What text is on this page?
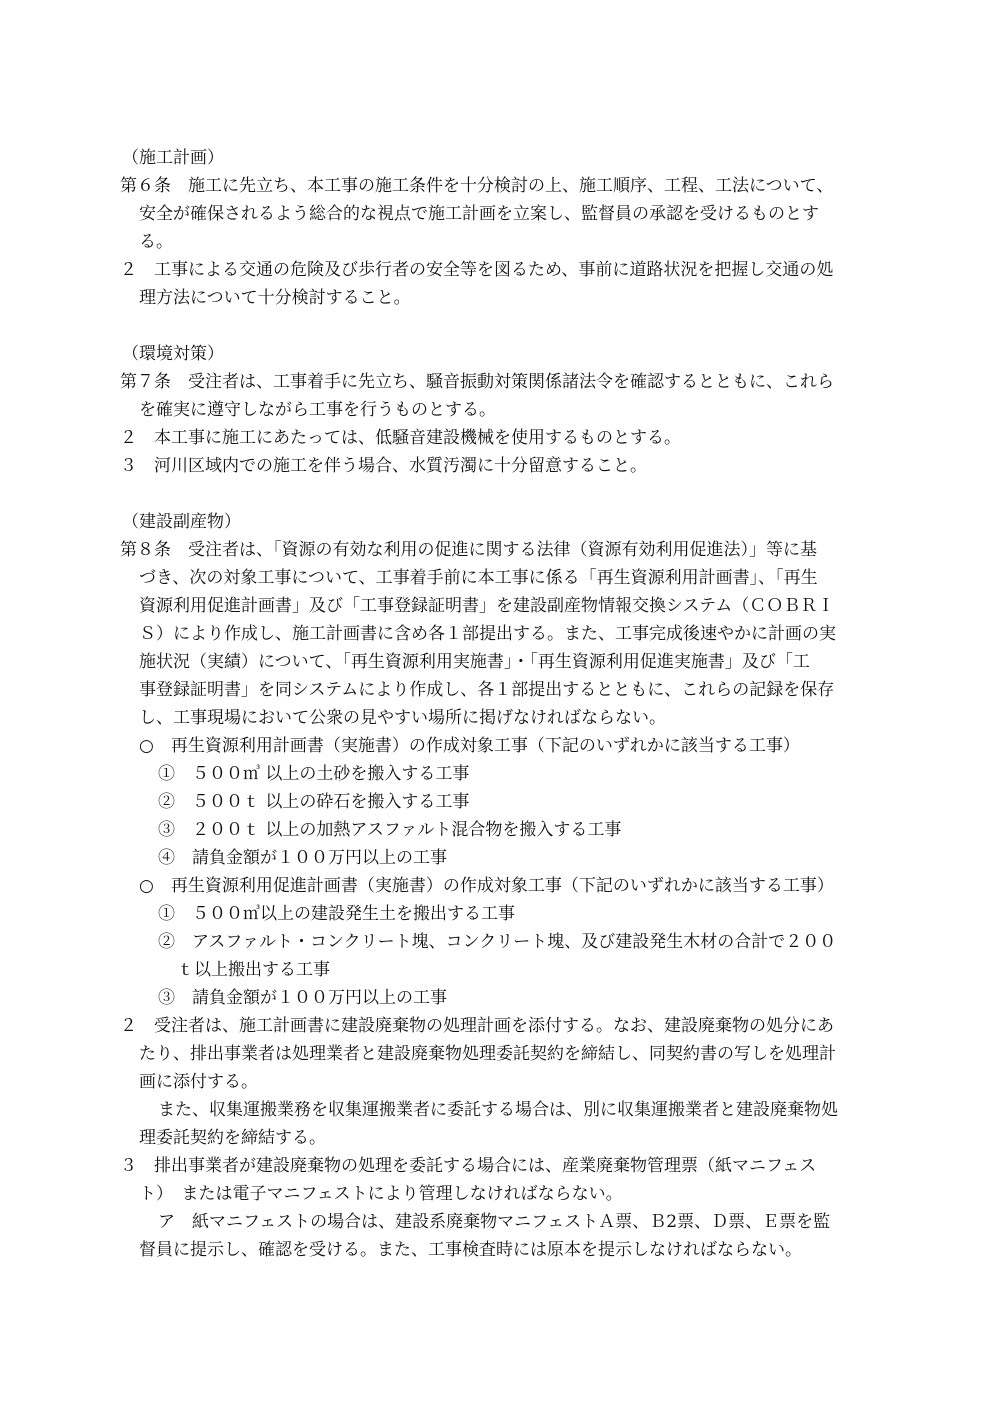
（施工計画）
第６条　施工に先立ち、本工事の施工条件を十分検討の上、施工順序、工程、工法について、
安全が確保されるよう総合的な視点で施工計画を立案し、監督員の承認を受けるものとす
る。
２　工事による交通の危険及び歩行者の安全等を図るため、事前に道路状況を把握し交通の処
理方法について十分検討すること。
（環境対策）
第７条　受注者は、工事着手に先立ち、騒音振動対策関係諸法令を確認するとともに、これら
を確実に遵守しながら工事を行うものとする。
２　本工事に施工にあたっては、低騒音建設機械を使用するものとする。
３　河川区域内での施工を伴う場合、水質汚濁に十分留意すること。
（建設副産物）
第８条　受注者は、「資源の有効な利用の促進に関する法律（資源有効利用促進法）」等に基
づき、次の対象工事について、工事着手前に本工事に係る「再生資源利用計画書」、「再生
資源利用促進計画書」及び「工事登録証明書」を建設副産物情報交換システム（ＣＯＢＲＩ
Ｓ）により作成し、施工計画書に含め各１部提出する。また、工事完成後速やかに計画の実
施状況（実績）について、「再生資源利用実施書」・「再生資源利用促進実施書」及び「工
事登録証明書」を同システムにより作成し、各１部提出するとともに、これらの記録を保存
し、工事現場において公衆の見やすい場所に掲げなければならない。
○　再生資源利用計画書（実施書）の作成対象工事（下記のいずれかに該当する工事）
①　５００㎥ 以上の土砂を搬入する工事
②　５００ｔ 以上の砕石を搬入する工事
③　２００ｔ 以上の加熱アスファルト混合物を搬入する工事
④　請負金額が１００万円以上の工事
○　再生資源利用促進計画書（実施書）の作成対象工事（下記のいずれかに該当する工事）
①　５００㎥以上の建設発生土を搬出する工事
②　アスファルト・コンクリート塊、コンクリート塊、及び建設発生木材の合計で２００
ｔ以上搬出する工事
③　請負金額が１００万円以上の工事
２　受注者は、施工計画書に建設廃棄物の処理計画を添付する。なお、建設廃棄物の処分にあ
たり、排出事業者は処理業者と建設廃棄物処理委託契約を締結し、同契約書の写しを処理計
画に添付する。
また、収集運搬業務を収集運搬業者に委託する場合は、別に収集運搬業者と建設廃棄物処
理委託契約を締結する。
３　排出事業者が建設廃棄物の処理を委託する場合には、産業廃棄物管理票（紙マニフェス
ト）　または電子マニフェストにより管理しなければならない。
ア　紙マニフェストの場合は、建設系廃棄物マニフェストＡ票、Ｂ2票、Ｄ票、Ｅ票を監
督員に提示し、確認を受ける。また、工事検査時には原本を提示しなければならない。
